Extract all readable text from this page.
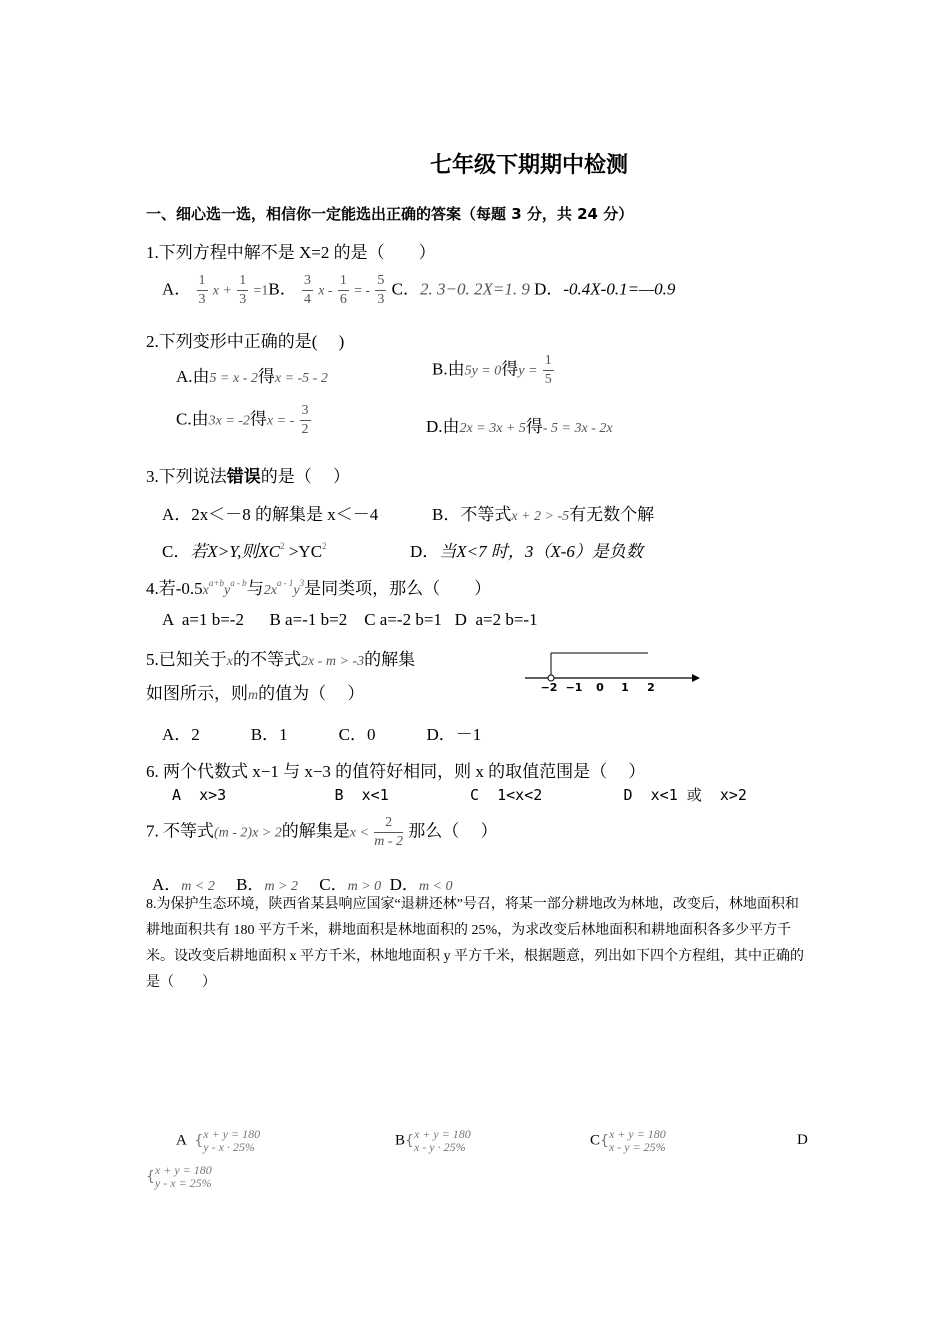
七年级下期期中检测
一、细心选一选，相信你一定能选出正确的答案（每题 3 分，共 24 分）
1.下列方程中解不是 X=2 的是（　　）
A． $\frac{1}{3}$ $x + \frac{1}{3} =1B$． $\frac{3}{4}$ x - $\frac{1}{6}$ = - $\frac{5}{3}$ C．2. 3−0. 2X=1. 9 D．-0.4X-0.1=—0.9
2.下列变形中正确的是(　 )
A.由5 = x - 2得x = -5 - 2
B.由5y = 0得$y = \frac{1}{5}$
C.由3x = -2得x = - $\frac{3}{2}$	D.由2x = 3x + 5得- 5 = 3x - 2x
3.下列说法错误的是（　 ）
A．2x＜－8 的解集是 x＜－4	B．不等式x + 2 > -5有无数个解
C．若X>Y,则$XC^2 >YC^2$	D．当X<7 时，3（X-6）是负数
4.若$-0.5x^{a+b}y^{a - b}$与$2x^{a - 1}y^3$是同类项，那么（　　）
A  a=1 b=-2      B a=-1 b=2    C a=-2 b=1   D  a=2 b=-1
5.已知关于x的不等式2x - m > -3的解集
如图所示，则m的值为（　 ）	−2 −1 0 1 2
A．2　　　B．1　　　C．0　　　D．－1
6. 两个代数式 x−1 与 x−3 的值符好相同，则 x 的取值范围是（　 ）
A  x>3            B  x<1         C  1<x<2         D  x<1 或  x>2
7. 不等式(m - 2)x > 2的解集是$x < \frac{2}{m - 2}$ 那么（　 ）
A．m < 2 B．m > 2 C．m > 0 D．m < 0
8.为保护生态环境，陕西省某县响应国家“退耕还林”号召，将某一部分耕地改为林地，改变后，林地面积和耕地面积共有 180 平方千米，耕地面积是林地面积的 25%，为求改变后林地面积和耕地面积各多少平方千米。设改变后耕地面积 x 平方千米，林地地面积 y 平方千米，根据题意，列出如下四个方程组，其中正确的是（　　）
A {x + y = 180
y - x · 25%	B{x + y = 180
x - y · 25%	C{x + y = 180
x - y = 25%	D
{x + y = 180
y - x = 25%
